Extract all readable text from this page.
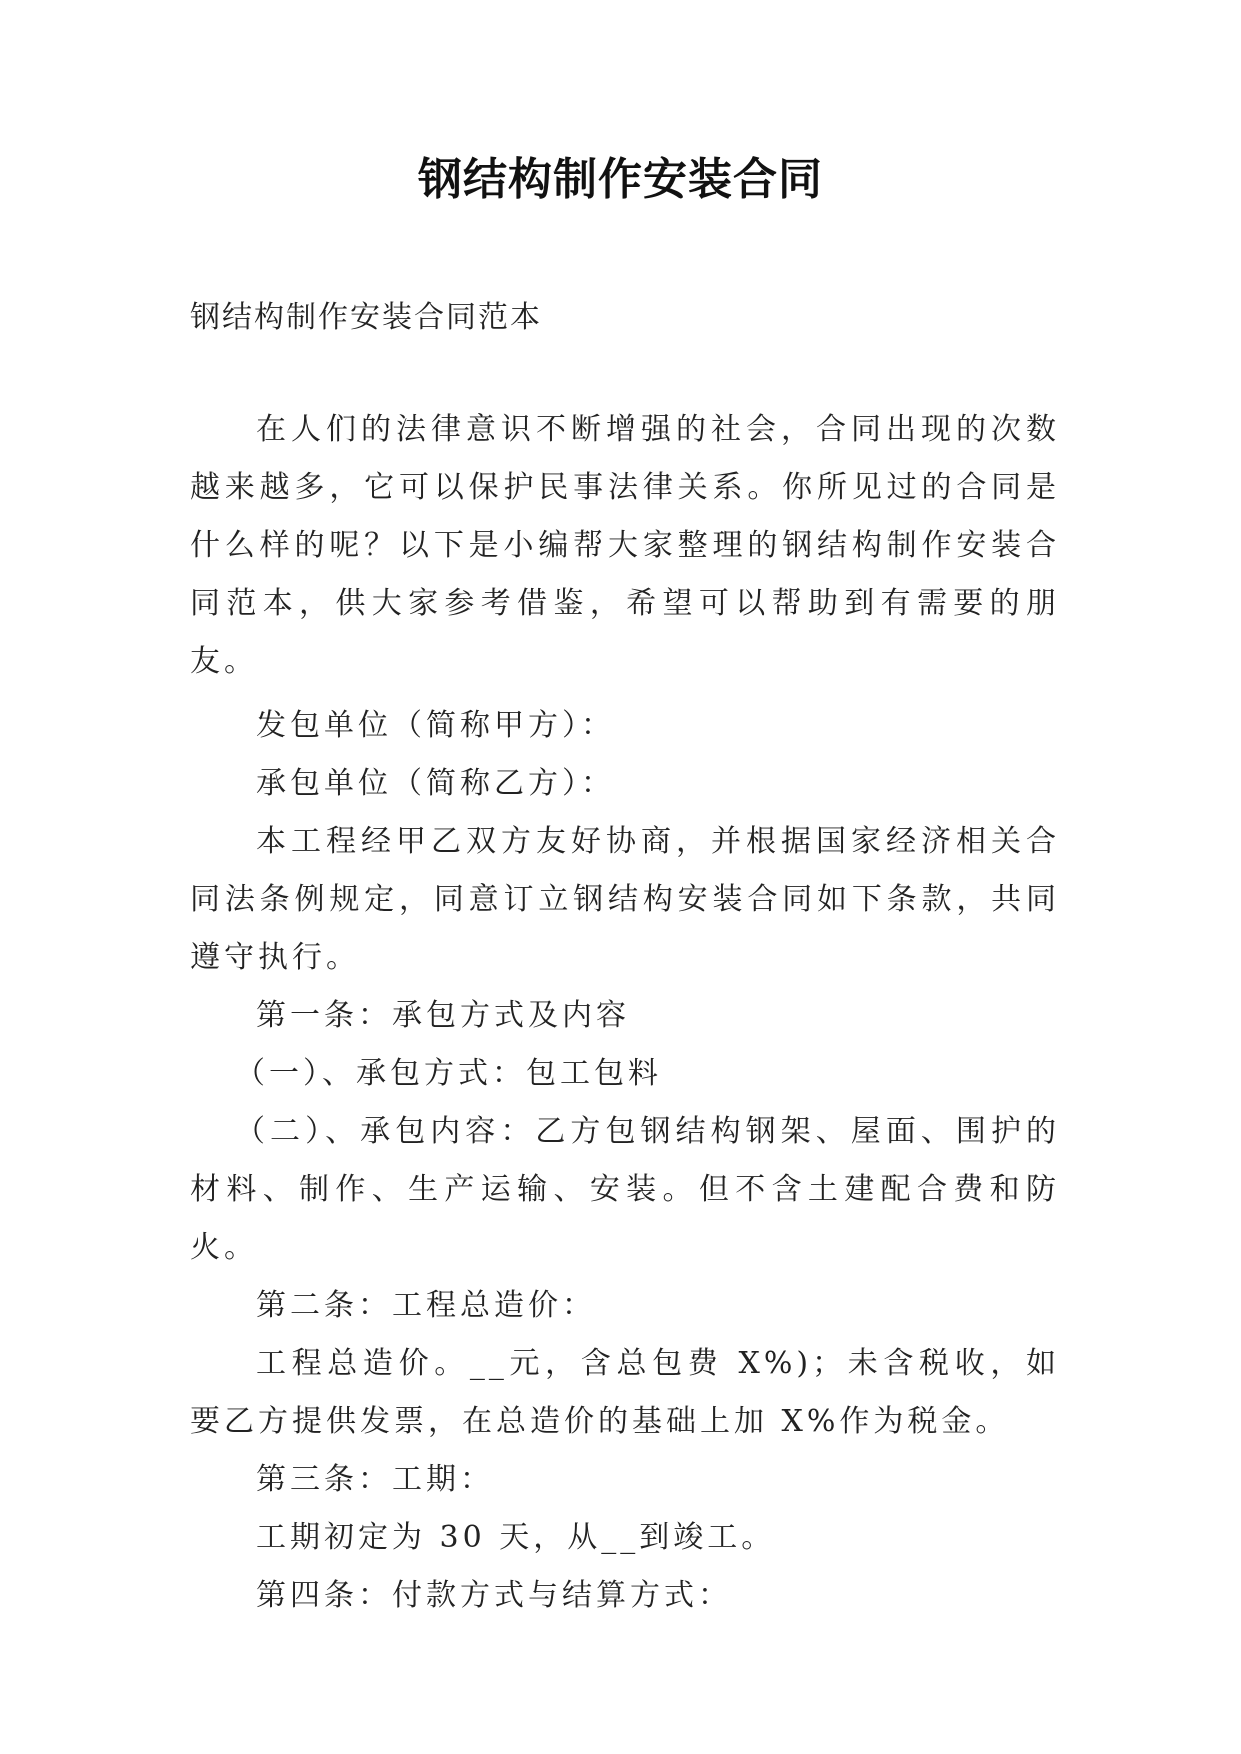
钢结构制作安装合同
钢结构制作安装合同范本

在人们的法律意识不断增强的社会，合同出现的次数越来越多，它可以保护民事法律关系。你所见过的合同是什么样的呢？以下是小编帮大家整理的钢结构制作安装合同范本，供大家参考借鉴，希望可以帮助到有需要的朋友。

发包单位（简称甲方）：

承包单位（简称乙方）：

本工程经甲乙双方友好协商，并根据国家经济相关合同法条例规定，同意订立钢结构安装合同如下条款，共同遵守执行。

第一条：承包方式及内容

（一）、承包方式：包工包料

（二）、承包内容：乙方包钢结构钢架、屋面、围护的材料、制作、生产运输、安装。但不含土建配合费和防火。

第二条：工程总造价：

工程总造价。__元，含总包费 X%)；未含税收，如要乙方提供发票，在总造价的基础上加 X%作为税金。

第三条：工期：

工期初定为 30 天，从__到竣工。

第四条：付款方式与结算方式：
